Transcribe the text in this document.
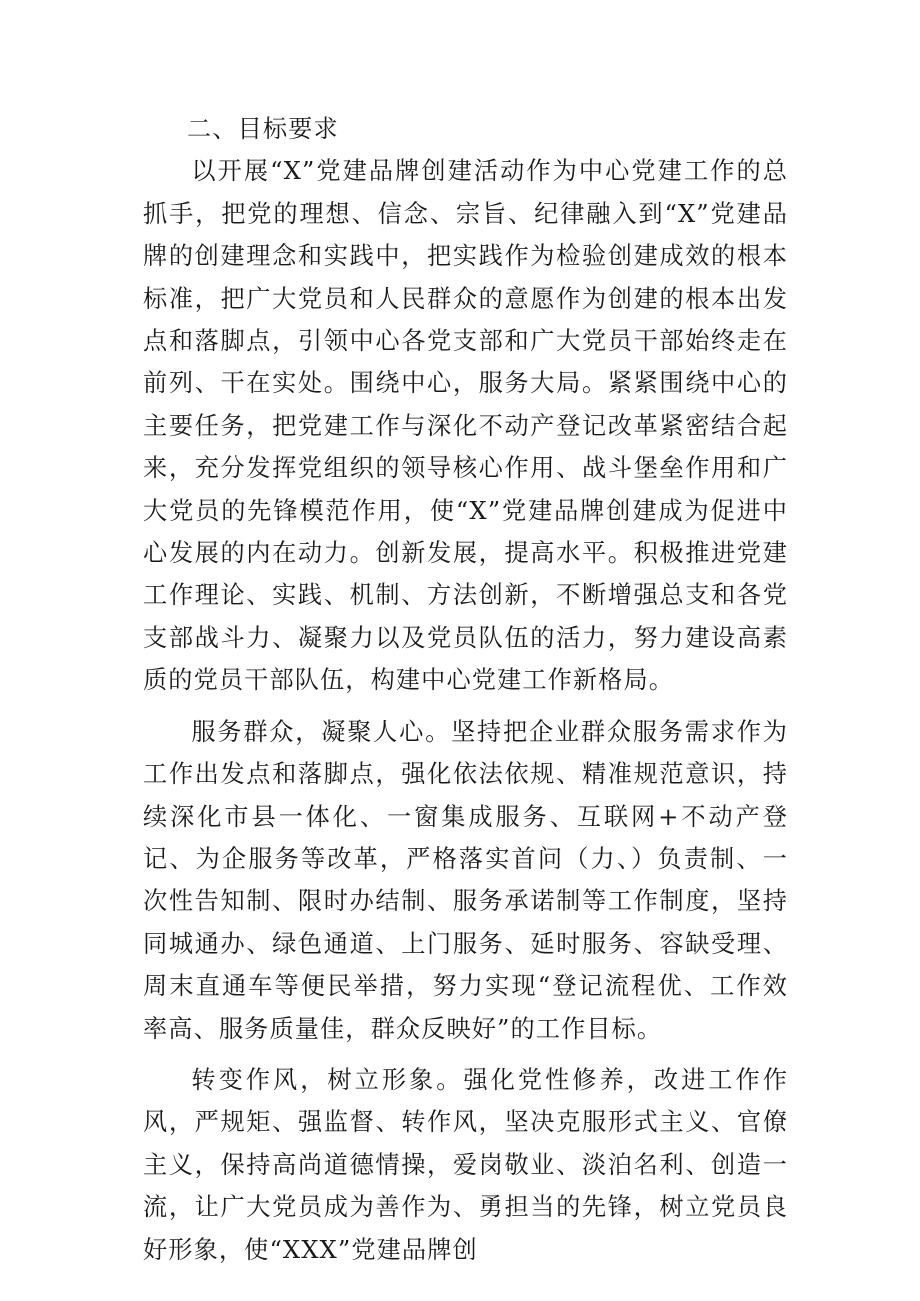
二、目标要求

以开展“X”党建品牌创建活动作为中心党建工作的总抓手，把党的理想、信念、宗旨、纪律融入到“X”党建品牌的创建理念和实践中，把实践作为检验创建成效的根本标准，把广大党员和人民群众的意愿作为创建的根本出发点和落脚点，引领中心各党支部和广大党员干部始终走在前列、干在实处。围绕中心，服务大局。紧紧围绕中心的主要任务，把党建工作与深化不动产登记改革紧密结合起来，充分发挥党组织的领导核心作用、战斗堡垒作用和广大党员的先锋模范作用，使“X”党建品牌创建成为促进中心发展的内在动力。创新发展，提高水平。积极推进党建工作理论、实践、机制、方法创新，不断增强总支和各党支部战斗力、凝聚力以及党员队伍的活力，努力建设高素质的党员干部队伍，构建中心党建工作新格局。

服务群众，凝聚人心。坚持把企业群众服务需求作为工作出发点和落脚点，强化依法依规、精准规范意识，持续深化市县一体化、一窗集成服务、互联网+不动产登记、为企服务等改革，严格落实首问（力、）负责制、一次性告知制、限时办结制、服务承诺制等工作制度，坚持同城通办、绿色通道、上门服务、延时服务、容缺受理、周末直通车等便民举措，努力实现“登记流程优、工作效率高、服务质量佳，群众反映好”的工作目标。

转变作风，树立形象。强化党性修养，改进工作作风，严规矩、强监督、转作风，坚决克服形式主义、官僚主义，保持高尚道德情操，爱岗敬业、淡泊名利、创造一流，让广大党员成为善作为、勇担当的先锋，树立党员良好形象，使“XXX”党建品牌创
